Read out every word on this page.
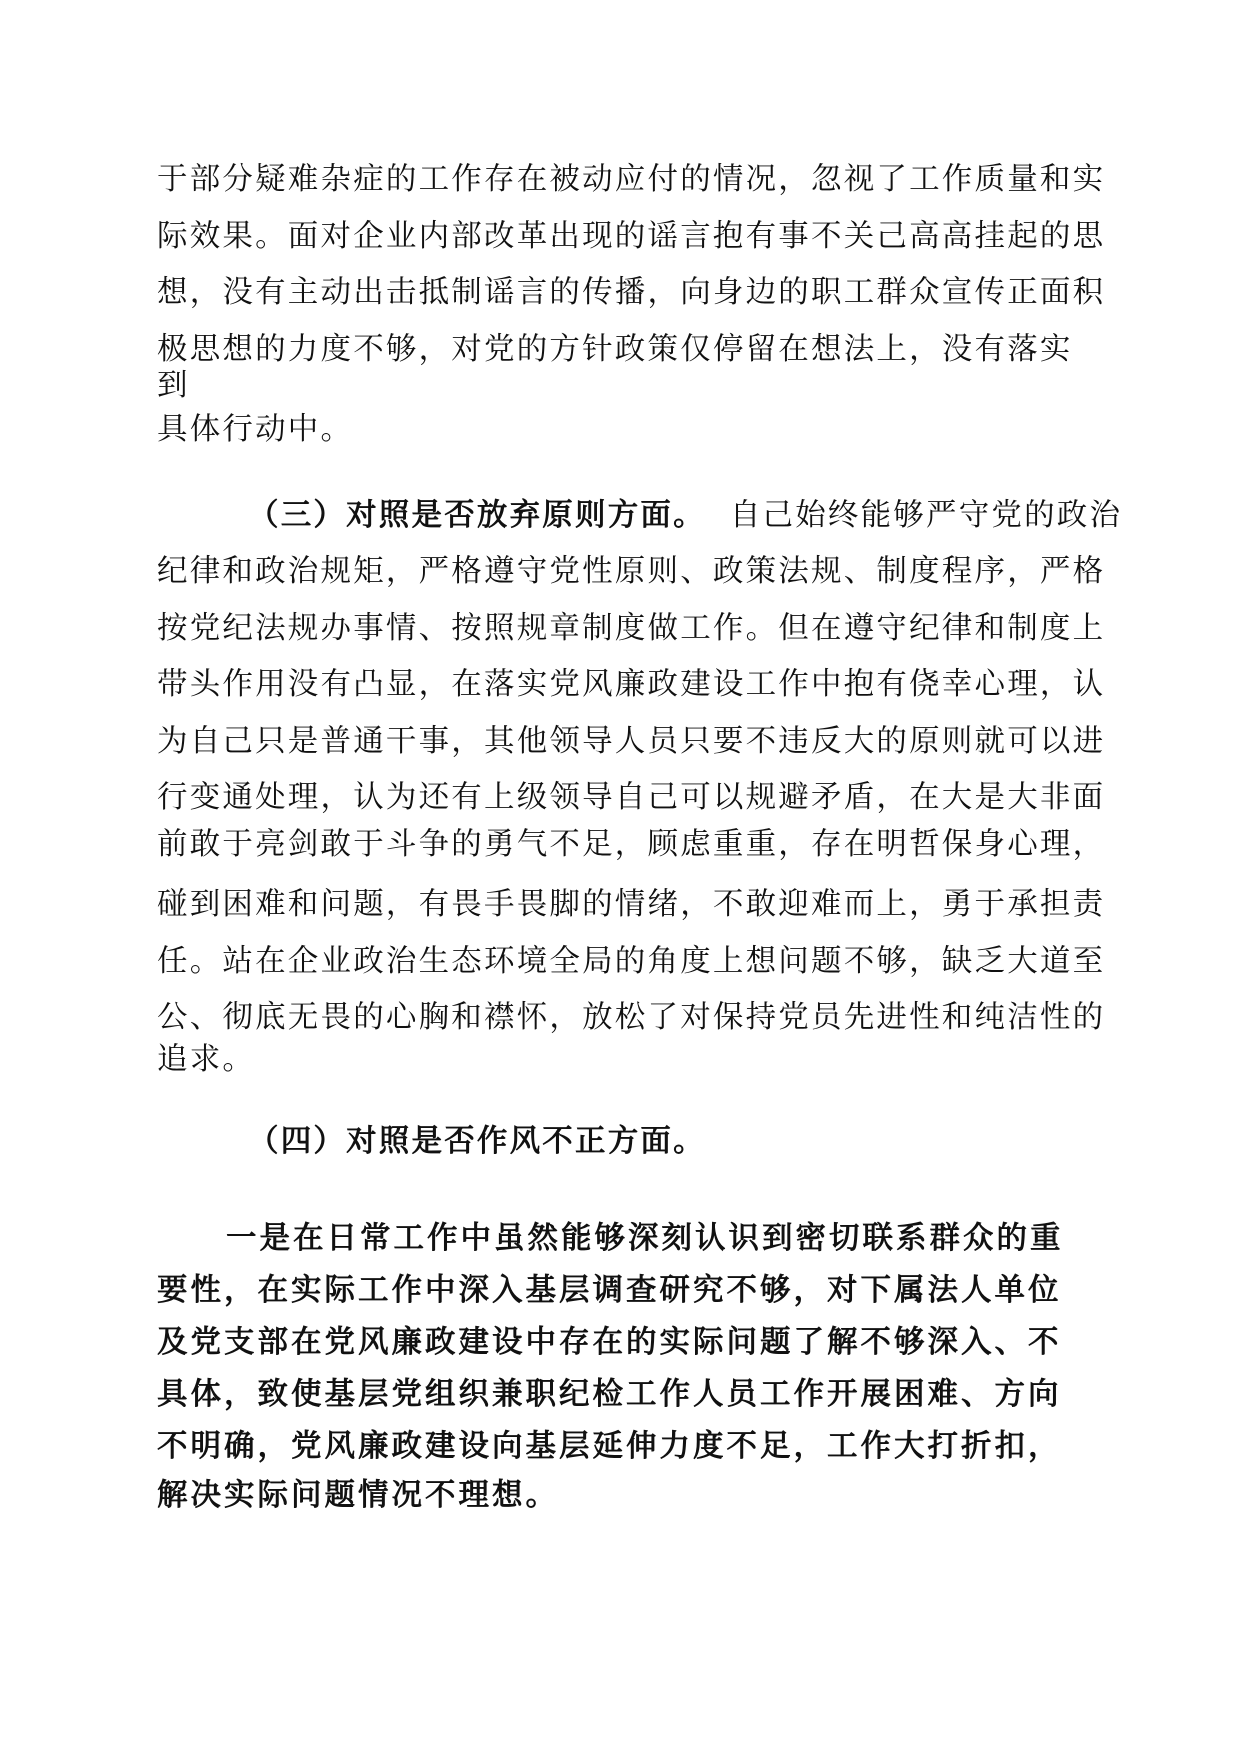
于部分疑难杂症的工作存在被动应付的情况，忽视了工作质量和实
际效果。面对企业内部改革出现的谣言抱有事不关己高高挂起的思
想，没有主动出击抵制谣言的传播，向身边的职工群众宣传正面积
极思想的力度不够，对党的方针政策仅停留在想法上，没有落实
到
具体行动中。
（三）对照是否放弃原则方面。 自己始终能够严守党的政治
纪律和政治规矩，严格遵守党性原则、政策法规、制度程序，严格
按党纪法规办事情、按照规章制度做工作。但在遵守纪律和制度上
带头作用没有凸显，在落实党风廉政建设工作中抱有侥幸心理，认
为自己只是普通干事，其他领导人员只要不违反大的原则就可以进
行变通处理，认为还有上级领导自己可以规避矛盾，在大是大非面
前敢于亮剑敢于斗争的勇气不足，顾虑重重，存在明哲保身心理，
碰到困难和问题，有畏手畏脚的情绪，不敢迎难而上，勇于承担责
任。站在企业政治生态环境全局的角度上想问题不够，缺乏大道至
公、彻底无畏的心胸和襟怀，放松了对保持党员先进性和纯洁性的
追求。
（四）对照是否作风不正方面。
一是在日常工作中虽然能够深刻认识到密切联系群众的重
要性，在实际工作中深入基层调查研究不够，对下属法人单位
及党支部在党风廉政建设中存在的实际问题了解不够深入、不
具体，致使基层党组织兼职纪检工作人员工作开展困难、方向
不明确，党风廉政建设向基层延伸力度不足，工作大打折扣，
解决实际问题情况不理想。
